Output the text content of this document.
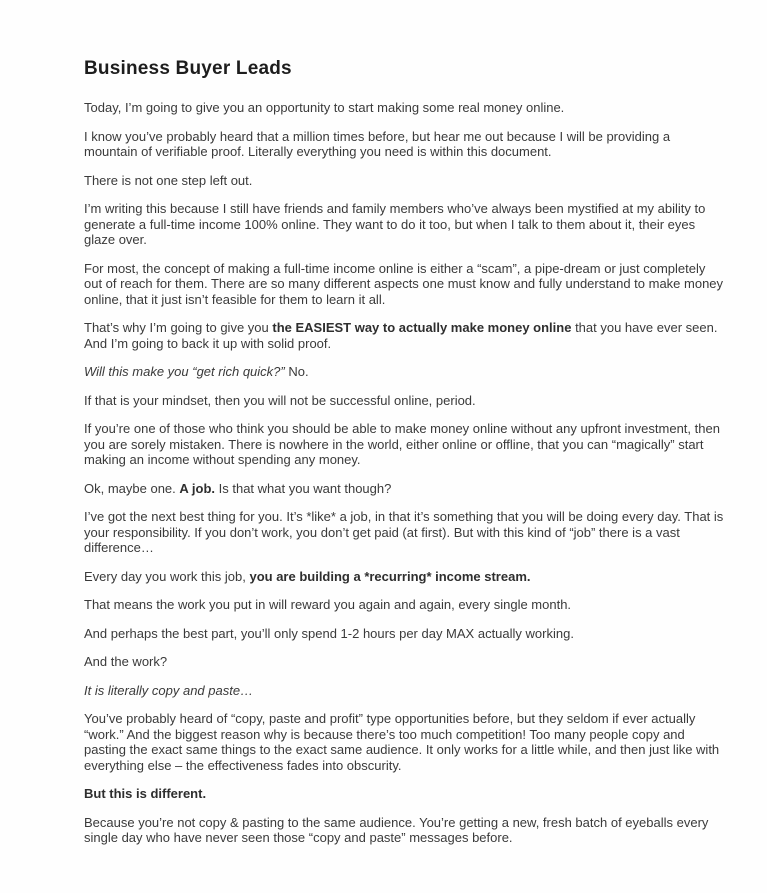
Business Buyer Leads

Today, I’m going to give you an opportunity to start making some real money online.

I know you’ve probably heard that a million times before, but hear me out because I will be providing a mountain of verifiable proof. Literally everything you need is within this document.

There is not one step left out.

I’m writing this because I still have friends and family members who’ve always been mystified at my ability to generate a full-time income 100% online. They want to do it too, but when I talk to them about it, their eyes glaze over.

For most, the concept of making a full-time income online is either a “scam”, a pipe-dream or just completely out of reach for them. There are so many different aspects one must know and fully understand to make money online, that it just isn’t feasible for them to learn it all.

That’s why I’m going to give you the EASIEST way to actually make money online that you have ever seen. And I’m going to back it up with solid proof.

Will this make you “get rich quick?” No.

If that is your mindset, then you will not be successful online, period.

If you’re one of those who think you should be able to make money online without any upfront investment, then you are sorely mistaken. There is nowhere in the world, either online or offline, that you can “magically” start making an income without spending any money.

Ok, maybe one. A job. Is that what you want though?

I’ve got the next best thing for you. It’s *like* a job, in that it’s something that you will be doing every day. That is your responsibility. If you don’t work, you don’t get paid (at first). But with this kind of “job” there is a vast difference…

Every day you work this job, you are building a *recurring* income stream.

That means the work you put in will reward you again and again, every single month.

And perhaps the best part, you’ll only spend 1-2 hours per day MAX actually working.

And the work?

It is literally copy and paste…

You’ve probably heard of “copy, paste and profit” type opportunities before, but they seldom if ever actually “work.” And the biggest reason why is because there’s too much competition! Too many people copy and pasting the exact same things to the exact same audience. It only works for a little while, and then just like with everything else – the effectiveness fades into obscurity.

But this is different.

Because you’re not copy & pasting to the same audience. You’re getting a new, fresh batch of eyeballs every single day who have never seen those “copy and paste” messages before.
